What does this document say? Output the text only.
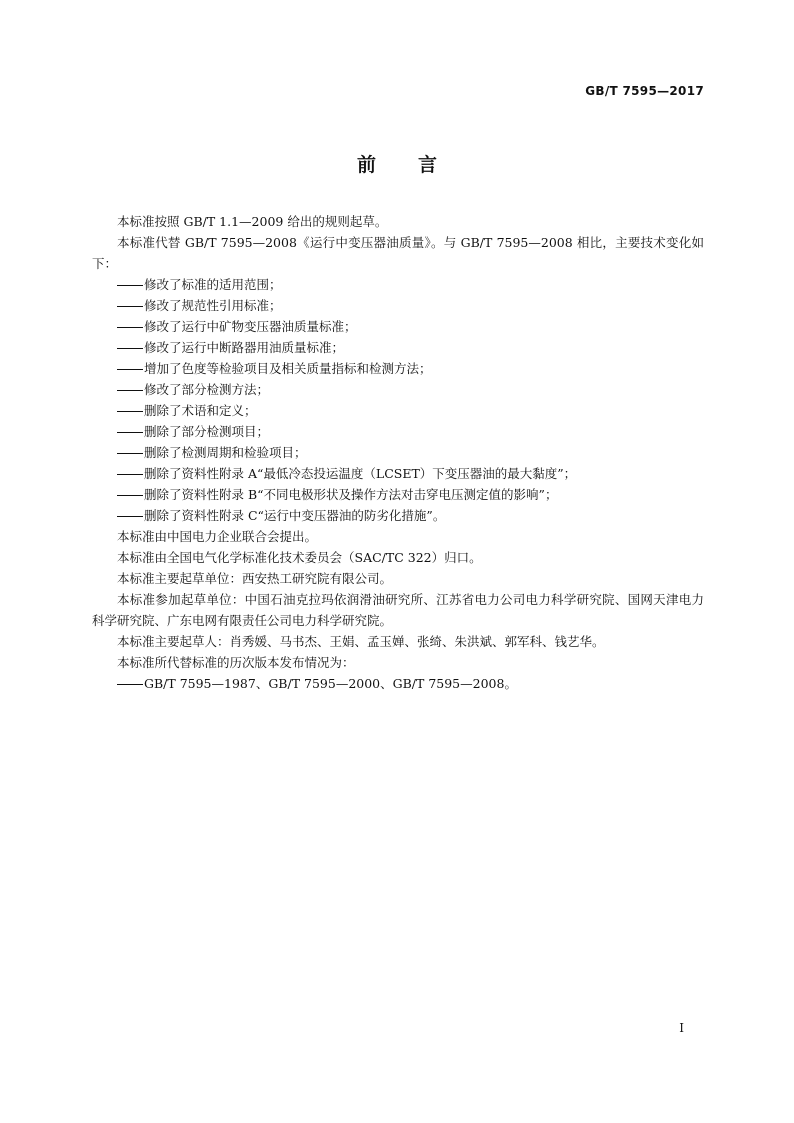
GB/T 7595—2017
前言

本标准按照 GB/T 1.1—2009 给出的规则起草。

本标准代替 GB/T 7595—2008《运行中变压器油质量》。与 GB/T 7595—2008 相比，主要技术变化如下：

修改了标准的适用范围；

修改了规范性引用标准；

修改了运行中矿物变压器油质量标准；

修改了运行中断路器用油质量标准；

增加了色度等检验项目及相关质量指标和检测方法；

修改了部分检测方法；

删除了术语和定义；

删除了部分检测项目；

删除了检测周期和检验项目；

删除了资料性附录 A“最低冷态投运温度（LCSET）下变压器油的最大黏度”；

删除了资料性附录 B“不同电极形状及操作方法对击穿电压测定值的影响”；

删除了资料性附录 C“运行中变压器油的防劣化措施”。

本标准由中国电力企业联合会提出。

本标准由全国电气化学标准化技术委员会（SAC/TC 322）归口。

本标准主要起草单位：西安热工研究院有限公司。

本标准参加起草单位：中国石油克拉玛依润滑油研究所、江苏省电力公司电力科学研究院、国网天津电力科学研究院、广东电网有限责任公司电力科学研究院。

本标准主要起草人：肖秀媛、马书杰、王娟、孟玉婵、张绮、朱洪斌、郭军科、钱艺华。

本标准所代替标准的历次版本发布情况为：

GB/T 7595—1987、GB/T 7595—2000、GB/T 7595—2008。

I
